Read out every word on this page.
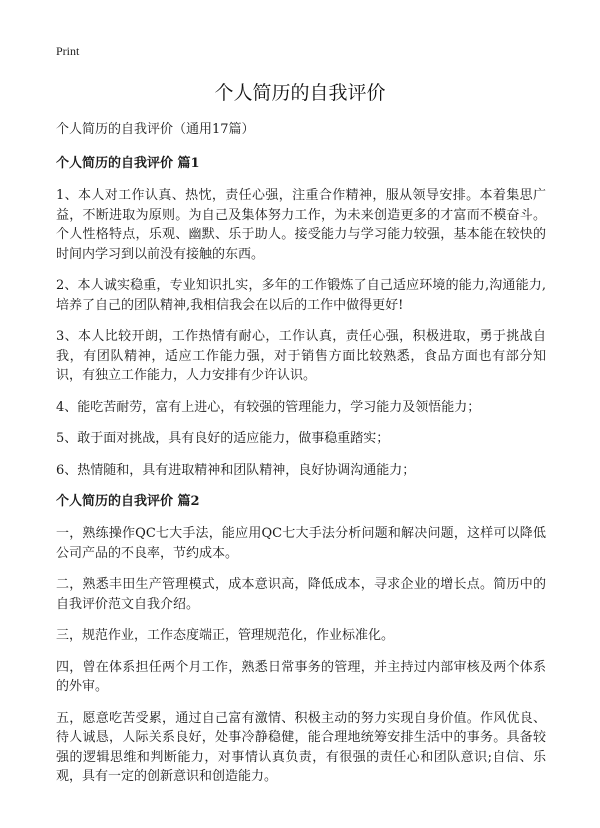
Print
个人简历的自我评价

个人简历的自我评价（通用17篇）

个人简历的自我评价 篇1

1、本人对工作认真、热忱，责任心强，注重合作精神，服从领导安排。本着集思广益，不断进取为原则。为自己及集体努力工作，为未来创造更多的才富而不模奋斗。个人性格特点，乐观、幽默、乐于助人。接受能力与学习能力较强，基本能在较快的时间内学习到以前没有接触的东西。

2、本人诚实稳重，专业知识扎实，多年的工作锻炼了自己适应环境的能力,沟通能力,培养了自己的团队精神,我相信我会在以后的工作中做得更好!

3、本人比较开朗，工作热情有耐心，工作认真，责任心强，积极进取，勇于挑战自我，有团队精神，适应工作能力强，对于销售方面比较熟悉，食品方面也有部分知识，有独立工作能力，人力安排有少许认识。

4、能吃苦耐劳，富有上进心，有较强的管理能力，学习能力及领悟能力；

5、敢于面对挑战，具有良好的适应能力，做事稳重踏实；

6、热情随和，具有进取精神和团队精神，良好协调沟通能力；

个人简历的自我评价 篇2

一，熟练操作QC七大手法，能应用QC七大手法分析问题和解决问题，这样可以降低公司产品的不良率，节约成本。

二，熟悉丰田生产管理模式，成本意识高，降低成本，寻求企业的增长点。简历中的自我评价范文自我介绍。

三，规范作业，工作态度端正，管理规范化，作业标准化。

四，曾在体系担任两个月工作，熟悉日常事务的管理，并主持过内部审核及两个体系的外审。

五，愿意吃苦受累，通过自己富有激情、积极主动的努力实现自身价值。作风优良、待人诚恳，人际关系良好，处事冷静稳健，能合理地统筹安排生活中的事务。具备较强的逻辑思维和判断能力，对事情认真负责，有很强的责任心和团队意识;自信、乐观，具有一定的创新意识和创造能力。
